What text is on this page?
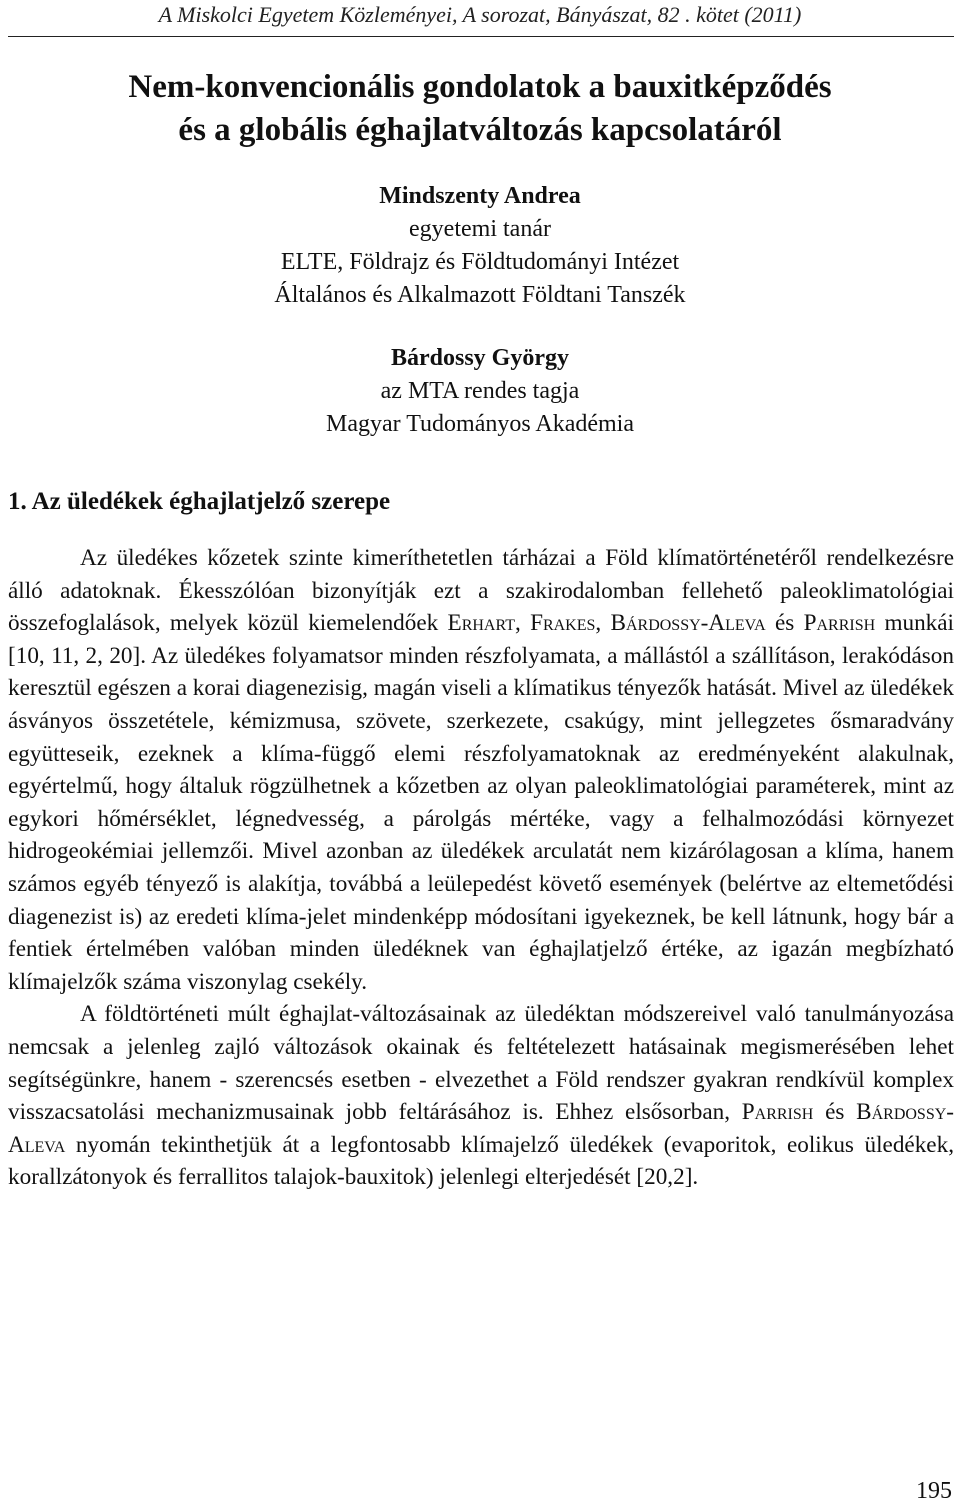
A Miskolci Egyetem Közleményei, A sorozat, Bányászat, 82 . kötet (2011)
Nem-konvencionális gondolatok a bauxitképződés
és a globális éghajlatváltozás kapcsolatáról
Mindszenty Andrea
egyetemi tanár
ELTE, Földrajz és Földtudományi Intézet
Általános és Alkalmazott Földtani Tanszék
Bárdossy György
az MTA rendes tagja
Magyar Tudományos Akadémia
1. Az üledékek éghajlatjelző szerepe

Az üledékes kőzetek szinte kimeríthetetlen tárházai a Föld klímatörténetéről rendelkezésre álló adatoknak. Ékesszólóan bizonyítják ezt a szakirodalomban fellehető paleoklimatológiai összefoglalások, melyek közül kiemelendőek Erhart, Frakes, Bárdossy-Aleva és Parrish munkái [10, 11, 2, 20]. Az üledékes folyamatsor minden részfolyamata, a mállástól a szállításon, lerakódáson keresztül egészen a korai diagenezisig, magán viseli a klímatikus tényezők hatását. Mivel az üledékek ásványos összetétele, kémizmusa, szövete, szerkezete, csakúgy, mint jellegzetes ősmaradvány együtteseik, ezeknek a klíma-függő elemi részfolyamatoknak az eredményeként alakulnak, egyértelmű, hogy általuk rögzülhetnek a kőzetben az olyan paleoklimatológiai paraméterek, mint az egykori hőmérséklet, légnedvesség, a párolgás mértéke, vagy a felhalmozódási környezet hidrogeokémiai jellemzői. Mivel azonban az üledékek arculatát nem kizárólagosan a klíma, hanem számos egyéb tényező is alakítja, továbbá a leülepedést követő események (belértve az eltemetődési diagenezist is) az eredeti klíma-jelet mindenképp módosítani igyekeznek, be kell látnunk, hogy bár a fentiek értelmében valóban minden üledéknek van éghajlatjelző értéke, az igazán megbízható klímajelzők száma viszonylag csekély.

A földtörténeti múlt éghajlat-változásainak az üledéktan módszereivel való tanulmányozása nemcsak a jelenleg zajló változások okainak és feltételezett hatásainak megismerésében lehet segítségünkre, hanem - szerencsés esetben - elvezethet a Föld rendszer gyakran rendkívül komplex visszacsatolási mechanizmusainak jobb feltárásához is. Ehhez elsősorban, Parrish és Bárdossy-Aleva nyomán tekinthetjük át a legfontosabb klímajelző üledékek (evaporitok, eolikus üledékek, korallzátonyok és ferrallitos talajok-bauxitok) jelenlegi elterjedését [20,2].

195
